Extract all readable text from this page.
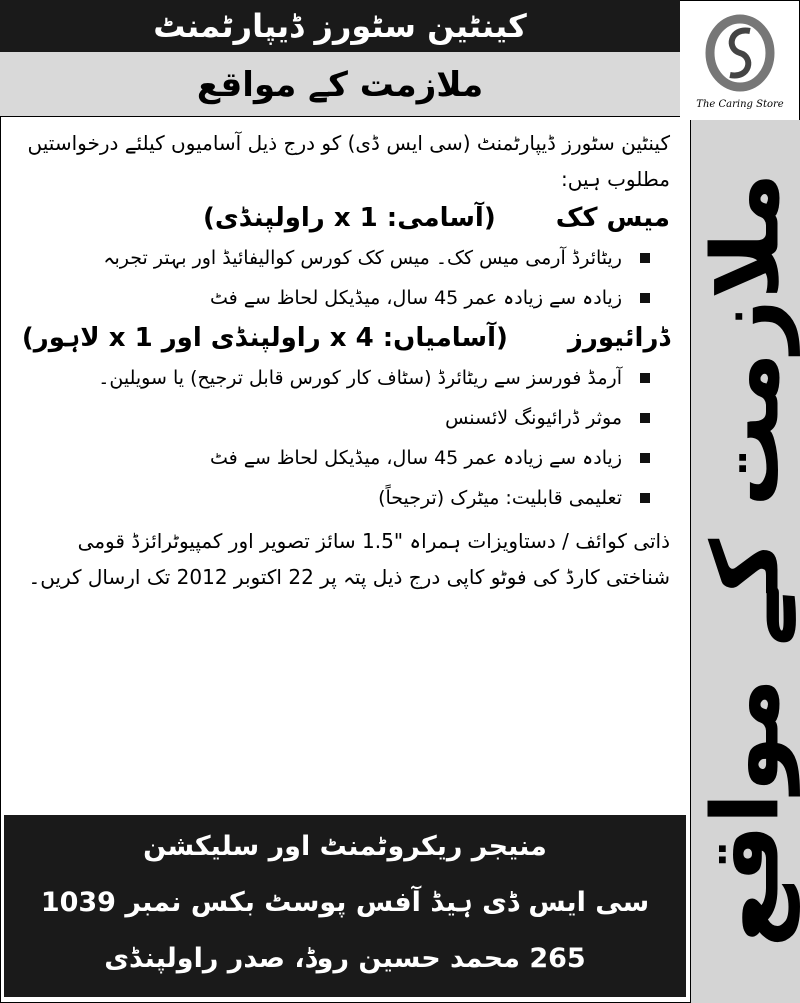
کینٹین سٹورز ڈیپارٹمنٹ
ملازمت کے مواقع	The Caring Store
ملازمت کے مواقع
کینٹین سٹورز ڈیپارٹمنٹ (سی ایس ڈی) کو درج ذیل آسامیوں کیلئے درخواستیں مطلوب ہیں:
میس کک
(آسامی: 1 x راولپنڈی)
ریٹائرڈ آرمی میس کک۔ میس کک کورس کوالیفائیڈ اور بہتر تجربہ
زیادہ سے زیادہ عمر 45 سال، میڈیکل لحاظ سے فٹ
ڈرائیورز
(آسامیاں: 4 x راولپنڈی اور 1 x لاہور)
آرمڈ فورسز سے ریٹائرڈ (سٹاف کار کورس قابل ترجیح) یا سویلین۔
موثر ڈرائیونگ لائسنس
زیادہ سے زیادہ عمر 45 سال، میڈیکل لحاظ سے فٹ
تعلیمی قابلیت: میٹرک (ترجیحاً)
ذاتی کوائف / دستاویزات ہمراہ "1.5 سائز تصویر اور کمپیوٹرائزڈ قومی شناختی کارڈ کی فوٹو کاپی درج ذیل پتہ پر 22 اکتوبر 2012 تک ارسال کریں۔
منیجر ریکروٹمنٹ اور سلیکشن
سی ایس ڈی ہیڈ آفس پوسٹ بکس نمبر 1039
265 محمد حسین روڈ، صدر راولپنڈی
